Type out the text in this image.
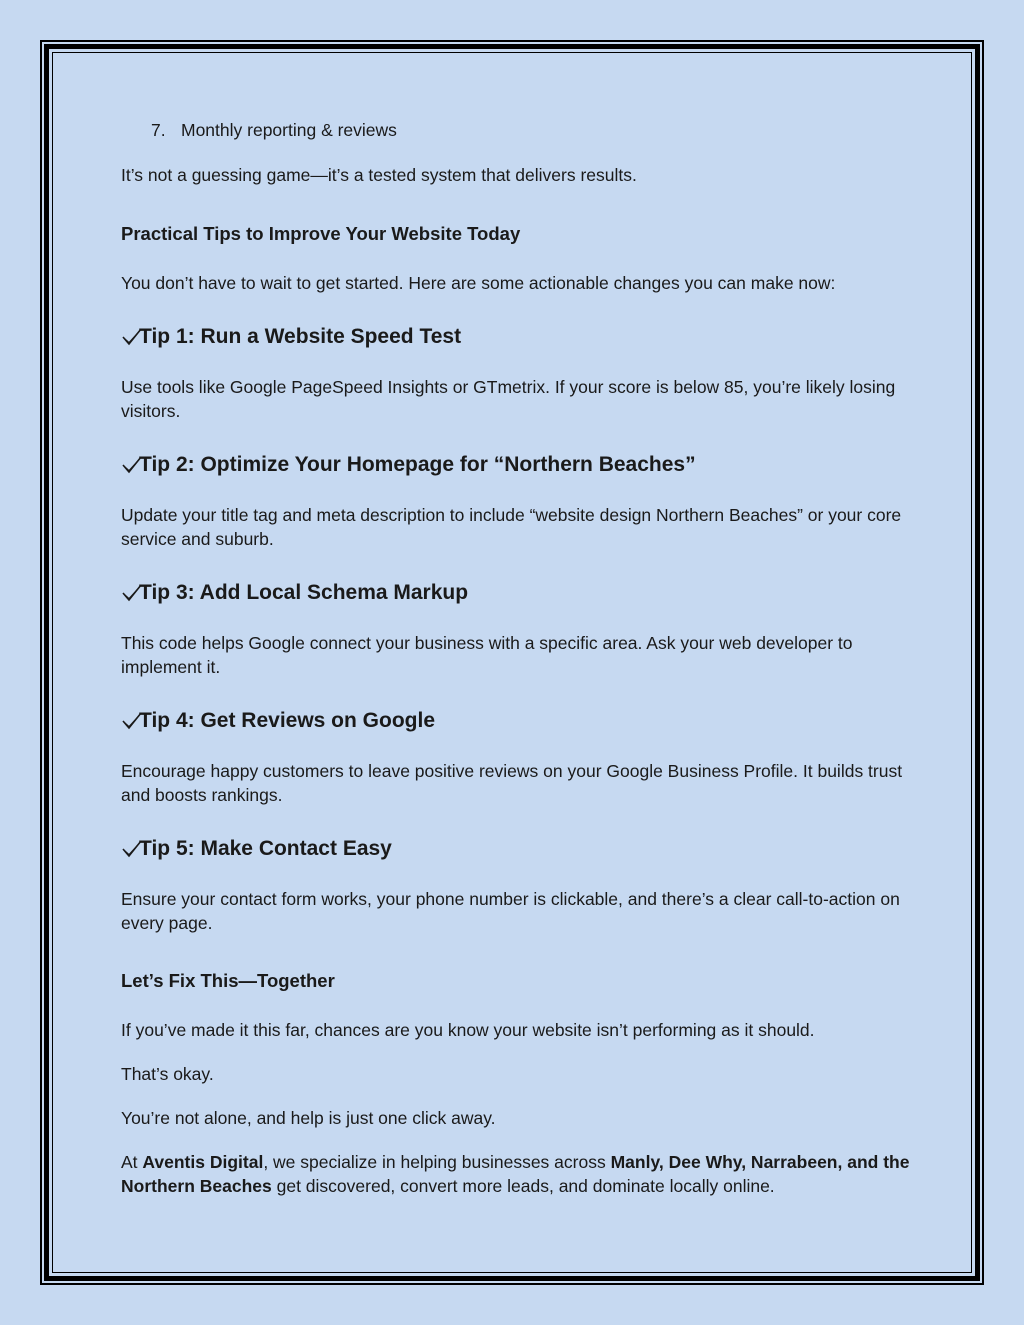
7. Monthly reporting & reviews

It’s not a guessing game—it’s a tested system that delivers results.

Practical Tips to Improve Your Website Today

You don’t have to wait to get started. Here are some actionable changes you can make now:

Tip 1: Run a Website Speed Test

Use tools like Google PageSpeed Insights or GTmetrix. If your score is below 85, you’re likely losing visitors.

Tip 2: Optimize Your Homepage for “Northern Beaches”

Update your title tag and meta description to include “website design Northern Beaches” or your core service and suburb.

Tip 3: Add Local Schema Markup

This code helps Google connect your business with a specific area. Ask your web developer to implement it.

Tip 4: Get Reviews on Google

Encourage happy customers to leave positive reviews on your Google Business Profile. It builds trust and boosts rankings.

Tip 5: Make Contact Easy

Ensure your contact form works, your phone number is clickable, and there’s a clear call-to-action on every page.

Let’s Fix This—Together

If you’ve made it this far, chances are you know your website isn’t performing as it should.

That’s okay.

You’re not alone, and help is just one click away.

At Aventis Digital, we specialize in helping businesses across Manly, Dee Why, Narrabeen, and the Northern Beaches get discovered, convert more leads, and dominate locally online.
